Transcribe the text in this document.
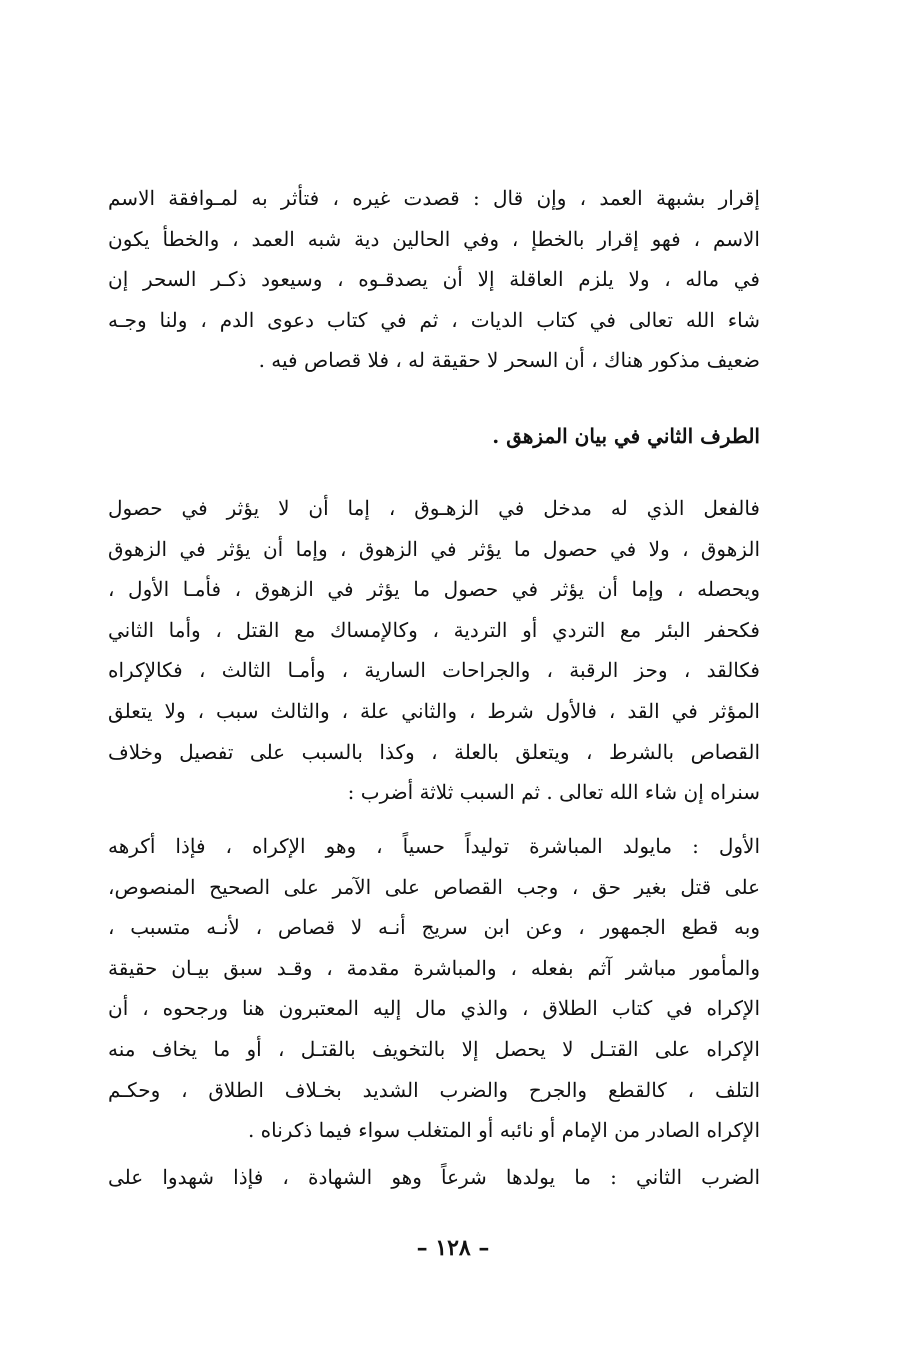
إقرار بشبهة العمد ، وإن قال : قصدت غيره ، فتأثر به لمـوافقة الاسم
الاسم ، فهو إقرار بالخطإ ، وفي الحالين دية شبه العمد ، والخطأ يكون
في ماله ، ولا يلزم العاقلة إلا أن يصدقـوه ، وسيعود ذكـر السحر إن
شاء الله تعالى في كتاب الديات ، ثم في كتاب دعوى الدم ، ولنا وجـه
ضعيف مذكور هناك ، أن السحر لا حقيقة له ، فلا قصاص فيه .

الطرف الثاني في بيان المزهق .

فالفعل الذي له مدخل في الزهـوق ، إما أن لا يؤثر في حصول
الزهوق ، ولا في حصول ما يؤثر في الزهوق ، وإما أن يؤثر في الزهوق
ويحصله ، وإما أن يؤثر في حصول ما يؤثر في الزهوق ، فأمـا الأول ،
فكحفر البئر مع التردي أو التردية ، وكالإمساك مع القتل ، وأما الثاني
فكالقد ، وحز الرقبة ، والجراحات السارية ، وأمـا الثالث ، فكالإكراه
المؤثر في القد ، فالأول شرط ، والثاني علة ، والثالث سبب ، ولا يتعلق
القصاص بالشرط ، ويتعلق بالعلة ، وكذا بالسبب على تفصيل وخلاف
سنراه إن شاء الله تعالى . ثم السبب ثلاثة أضرب :

الأول : مايولد المباشرة توليداً حسياً ، وهو الإكراه ، فإذا أكرهه
على قتل بغير حق ، وجب القصاص على الآمر على الصحيح المنصوص،
وبه قطع الجمهور ، وعن ابن سريج أنـه لا قصاص ، لأنـه متسبب ،
والمأمور مباشر آثم بفعله ، والمباشرة مقدمة ، وقـد سبق بيـان حقيقة
الإكراه في كتاب الطلاق ، والذي مال إليه المعتبرون هنا ورجحوه ، أن
الإكراه على القتـل لا يحصل إلا بالتخويف بالقتـل ، أو ما يخاف منه
التلف ، كالقطع والجرح والضرب الشديد بخـلاف الطلاق ، وحكـم
الإكراه الصادر من الإمام أو نائبه أو المتغلب سواء فيما ذكرناه .

الضرب الثاني : ما يولدها شرعاً وهو الشهادة ، فإذا شهدوا على

– ١٢٨ –
